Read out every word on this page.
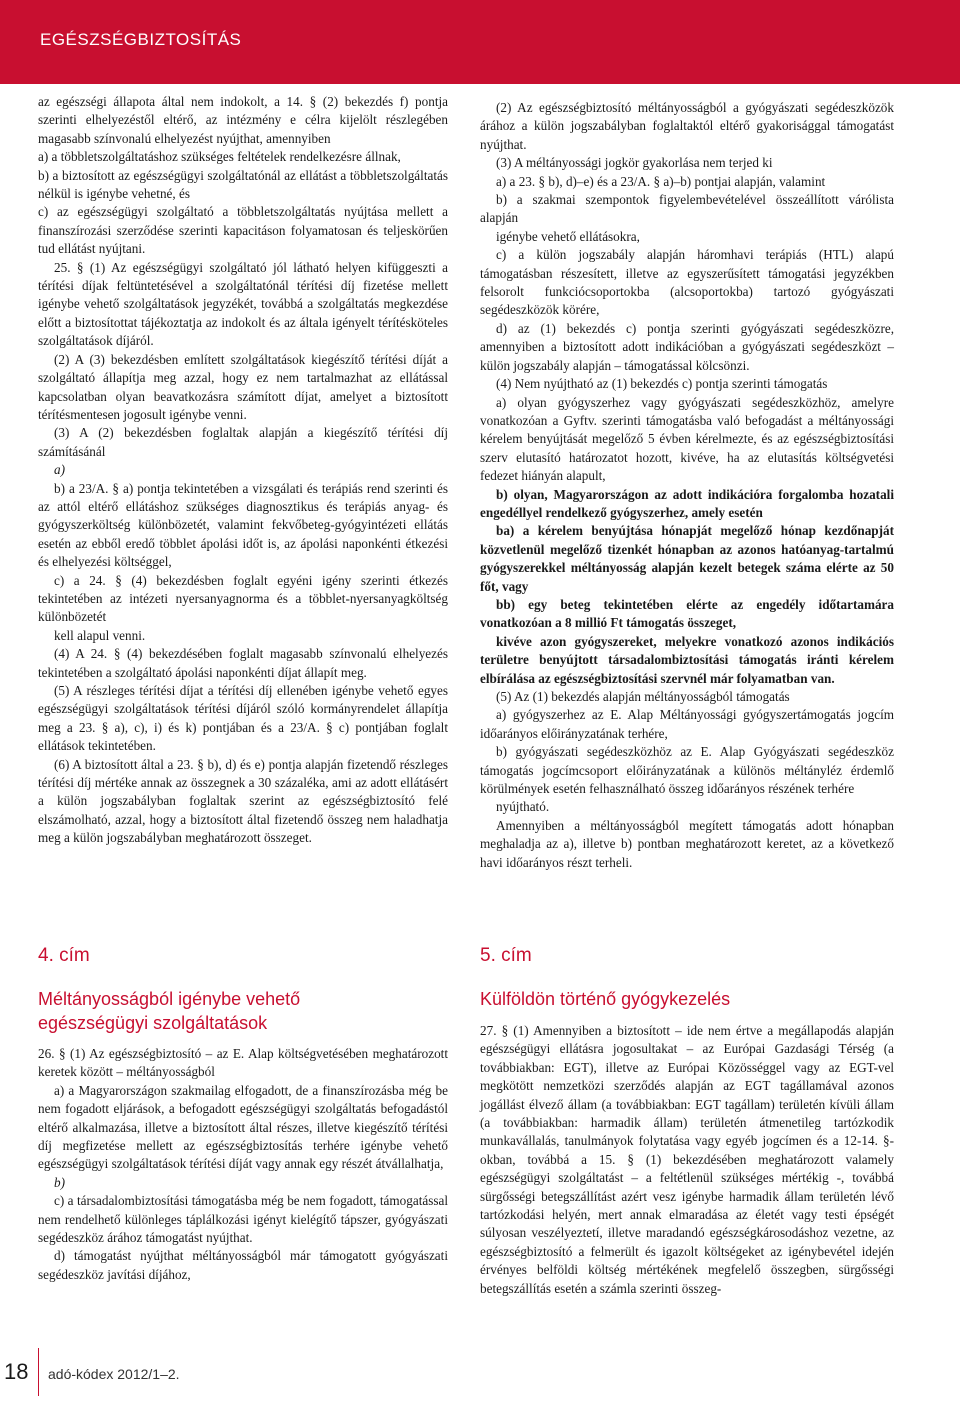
EGÉSZSÉGBIZTOSÍTÁS

az egészségi állapota által nem indokolt, a 14. § (2) bekezdés f) pontja szerinti elhelyezéstől eltérő, az intézmény e célra kijelölt részlegében magasabb színvonalú elhelyezést nyújthat, amennyiben

a) a többletszolgáltatáshoz szükséges feltételek rendelkezésre állnak,

b) a biztosított az egészségügyi szolgáltatónál az ellátást a többletszolgáltatás nélkül is igénybe vehetné, és

c) az egészségügyi szolgáltató a többletszolgáltatás nyújtása mellett a finanszírozási szerződése szerinti kapacitáson folyamatosan és teljeskörűen tud ellátást nyújtani.

25. § (1) Az egészségügyi szolgáltató jól látható helyen kifüggeszti a térítési díjak feltüntetésével a szolgáltatónál térítési díj fizetése mellett igénybe vehető szolgáltatások jegyzékét, továbbá a szolgáltatás megkezdése előtt a biztosítottat tájékoztatja az indokolt és az általa igényelt térítésköteles szolgáltatások díjáról.

(2) A (3) bekezdésben említett szolgáltatások kiegészítő térítési díját a szolgáltató állapítja meg azzal, hogy ez nem tartalmazhat az ellátással kapcsolatban olyan beavatkozásra számított díjat, amelyet a biztosított térítésmentesen jogosult igénybe venni.

(3) A (2) bekezdésben foglaltak alapján a kiegészítő térítési díj számításánál

a)

b) a 23/A. § a) pontja tekintetében a vizsgálati és terápiás rend szerinti és az attól eltérő ellátáshoz szükséges diagnosztikus és terápiás anyag- és gyógyszerköltség különbözetét, valamint fekvőbeteg-gyógyintézeti ellátás esetén az ebből eredő többlet ápolási időt is, az ápolási naponkénti étkezési és elhelyezési költséggel,

c) a 24. § (4) bekezdésben foglalt egyéni igény szerinti étkezés tekintetében az intézeti nyersanyagnorma és a többlet-nyersanyagköltség különbözetét

kell alapul venni.

(4) A 24. § (4) bekezdésében foglalt magasabb színvonalú elhelyezés tekintetében a szolgáltató ápolási naponkénti díjat állapít meg.

(5) A részleges térítési díjat a térítési díj ellenében igénybe vehető egyes egészségügyi szolgáltatások térítési díjáról szóló kormányrendelet állapítja meg a 23. § a), c), i) és k) pontjában és a 23/A. § c) pontjában foglalt ellátások tekintetében.

(6) A biztosított által a 23. § b), d) és e) pontja alapján fizetendő részleges térítési díj mértéke annak az összegnek a 30 százaléka, ami az adott ellátásért a külön jogszabályban foglaltak szerint az egészségbiztosító felé elszámolható, azzal, hogy a biztosított által fizetendő összeg nem haladhatja meg a külön jogszabályban meghatározott összeget.

4. cím
Méltányosságból igénybe vehető egészségügyi szolgáltatások

26. § (1) Az egészségbiztosító – az E. Alap költségvetésében meghatározott keretek között – méltányosságból

a) a Magyarországon szakmailag elfogadott, de a finanszírozásba még be nem fogadott eljárások, a befogadott egészségügyi szolgáltatás befogadástól eltérő alkalmazása, illetve a biztosított által részes, illetve kiegészítő térítési díj megfizetése mellett az egészségbiztosítás terhére igénybe vehető egészségügyi szolgáltatások térítési díját vagy annak egy részét átvállalhatja,

b)

c) a társadalombiztosítási támogatásba még be nem fogadott, támogatással nem rendelhető különleges táplálkozási igényt kielégítő tápszer, gyógyászati segédeszköz árához támogatást nyújthat.

d) támogatást nyújthat méltányosságból már támogatott gyógyászati segédeszköz javítási díjához,

(2) Az egészségbiztosító méltányosságból a gyógyászati segédeszközök árához a külön jogszabályban foglaltaktól eltérő gyakorisággal támogatást nyújthat.

(3) A méltányossági jogkör gyakorlása nem terjed ki

a) a 23. § b), d)–e) és a 23/A. § a)–b) pontjai alapján, valamint

b) a szakmai szempontok figyelembevételével összeállított várólista alapján

igénybe vehető ellátásokra,

c) a külön jogszabály alapján háromhavi terápiás (HTL) alapú támogatásban részesített, illetve az egyszerűsített támogatási jegyzékben felsorolt funkciócsoportokba (alcsoportokba) tartozó gyógyászati segédeszközök körére,

d) az (1) bekezdés c) pontja szerinti gyógyászati segédeszközre, amennyiben a biztosított adott indikációban a gyógyászati segédeszközt – külön jogszabály alapján – támogatással kölcsönzi.

(4) Nem nyújtható az (1) bekezdés c) pontja szerinti támogatás

a) olyan gyógyszerhez vagy gyógyászati segédeszközhöz, amelyre vonatkozóan a Gyftv. szerinti támogatásba való befogadást a méltányossági kérelem benyújtását megelőző 5 évben kérelmezte, és az egészségbiztosítási szerv elutasító határozatot hozott, kivéve, ha az elutasítás költségvetési fedezet hiányán alapult,

b) olyan, Magyarországon az adott indikációra forgalomba hozatali engedéllyel rendelkező gyógyszerhez, amely esetén

ba) a kérelem benyújtása hónapját megelőző hónap kezdőnapját közvetlenül megelőző tizenkét hónapban az azonos hatóanyag-tartalmú gyógyszerekkel méltányosság alapján kezelt betegek száma elérte az 50 főt, vagy

bb) egy beteg tekintetében elérte az engedély időtartamára vonatkozóan a 8 millió Ft támogatás összeget,

kivéve azon gyógyszereket, melyekre vonatkozó azonos indikációs területre benyújtott társadalombiztosítási támogatás iránti kérelem elbírálása az egészségbiztosítási szervnél már folyamatban van.

(5) Az (1) bekezdés alapján méltányosságból támogatás

a) gyógyszerhez az E. Alap Méltányossági gyógyszertámogatás jogcím időarányos előirányzatának terhére,

b) gyógyászati segédeszközhöz az E. Alap Gyógyászati segédeszköz támogatás jogcímcsoport előirányzatának a különös méltányléz érdemlő körülmények esetén felhasználható összeg időarányos részének terhére

nyújtható.

Amennyiben a méltányosságból megített támogatás adott hónapban meghaladja az a), illetve b) pontban meghatározott keretet, az a következő havi időarányos részt terheli.

5. cím
Külföldön történő gyógykezelés

27. § (1) Amennyiben a biztosított – ide nem értve a megállapodás alapján egészségügyi ellátásra jogosultakat – az Európai Gazdasági Térség (a továbbiakban: EGT), illetve az Európai Közösséggel vagy az EGT-vel megkötött nemzetközi szerződés alapján az EGT tagállamával azonos jogállást élvező állam (a továbbiakban: EGT tagállam) területén kívüli állam (a továbbiakban: harmadik állam) területén átmenetileg tartózkodik munkavállalás, tanulmányok folytatása vagy egyéb jogcímen és a 12-14. §-okban, továbbá a 15. § (1) bekezdésében meghatározott valamely egészségügyi szolgáltatást – a feltétlenül szükséges mértékig -, továbbá sürgősségi betegszállítást azért vesz igénybe harmadik állam területén lévő tartózkodási helyén, mert annak elmaradása az életét vagy testi épségét súlyosan veszélyeztetí, illetve maradandó egészségkárosodáshoz vezetne, az egészségbiztosító a felmerült és igazolt költségeket az igénybevétel idején érvényes belföldi költség mértékének megfelelő összegben, sürgősségi betegszállítás esetén a számla szerinti összeg-

18 adó-kódex 2012/1–2.
